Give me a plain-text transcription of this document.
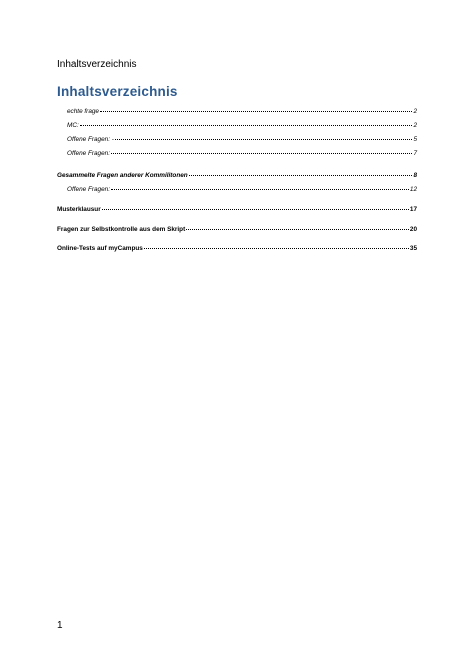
Inhaltsverzeichnis
Inhaltsverzeichnis
echte frage	2
MC:	2
Offene Fragen: -	5
Offene Fragen:	7
Gesammelte Fragen anderer Kommilitonen	8
Offene Fragen:	12
Musterklausur	17
Fragen zur Selbstkontrolle aus dem Skript	20
Online-Tests auf myCampus	35
1
